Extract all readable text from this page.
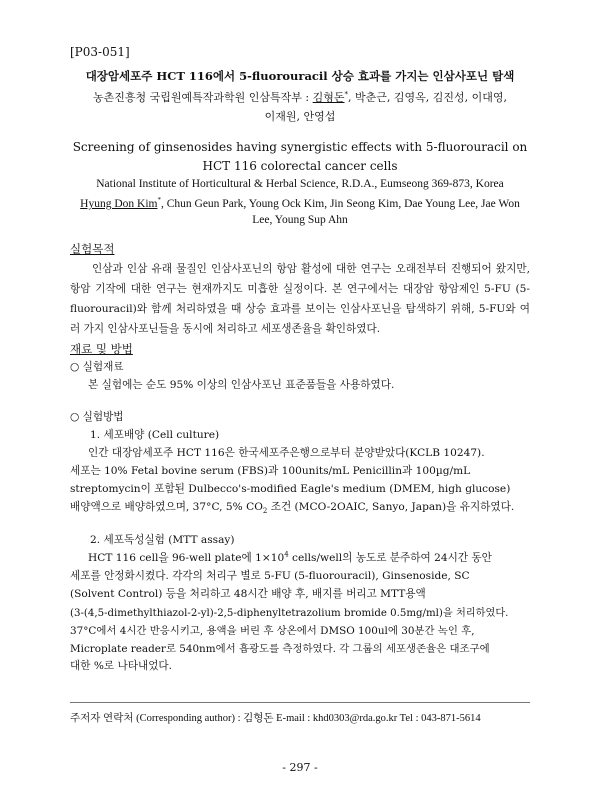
[P03-051]
대장암세포주 HCT 116에서 5-fluorouracil 상승 효과를 가지는 인삼사포닌 탐색
농촌진흥청 국립원예특작과학원 인삼특작부 : 김형돈*, 박춘근, 김영옥, 김진성, 이대영,
이재원, 안영섭
Screening of ginsenosides having synergistic effects with 5-fluorouracil on
HCT 116 colorectal cancer cells
National Institute of Horticultural & Herbal Science, R.D.A., Eumseong 369-873, Korea
Hyung Don Kim*, Chun Geun Park, Young Ock Kim, Jin Seong Kim, Dae Young Lee, Jae Won
Lee, Young Sup Ahn
실험목적
인삼과 인삼 유래 물질인 인삼사포닌의 항암 활성에 대한 연구는 오래전부터 진행되어 왔지만, 항암 기작에 대한 연구는 현재까지도 미흡한 실정이다. 본 연구에서는 대장암 항암제인 5-FU (5-fluorouracil)와 함께 처리하였을 때 상승 효과를 보이는 인삼사포닌을 탐색하기 위해, 5-FU와 여러 가지 인삼사포닌들을 동시에 처리하고 세포생존율을 확인하였다.
재료 및 방법
○ 실험재료
본 실험에는 순도 95% 이상의 인삼사포닌 표준품들을 사용하였다.
○ 실험방법
1. 세포배양 (Cell culture)
인간 대장암세포주 HCT 116은 한국세포주은행으로부터 분양받았다(KCLB 10247).
세포는 10% Fetal bovine serum (FBS)과 100units/mL Penicillin과 100µg/mL
streptomycin이 포함된 Dulbecco's-modified Eagle's medium (DMEM, high glucose)
배양액으로 배양하였으며, 37°C, 5% $CO_2$ 조건 (MCO-2OAIC, Sanyo, Japan)을 유지하였다.
2. 세포독성실험 (MTT assay)
HCT 116 cell을 96-well plate에 $1\times 10^4$ cells/well의 농도로 분주하여 24시간 동안
세포를 안정화시켰다. 각각의 처리구 별로 5-FU (5-fluorouracil), Ginsenoside, SC
(Solvent Control) 등을 처리하고 48시간 배양 후, 배지를 버리고 MTT용액
(3-(4,5-dimethylthiazol-2-yl)-2,5-diphenyltetrazolium bromide 0.5mg/ml)을 처리하였다.
37°C에서 4시간 반응시키고, 용액을 버린 후 상온에서 DMSO 100ul에 30분간 녹인 후,
Microplate reader로 540nm에서 흡광도를 측정하였다. 각 그룹의 세포생존율은 대조구에
대한 %로 나타내었다.
주저자 연락처 (Corresponding author) : 김형돈 E-mail : khd0303@rda.go.kr Tel : 043-871-5614
- 297 -
